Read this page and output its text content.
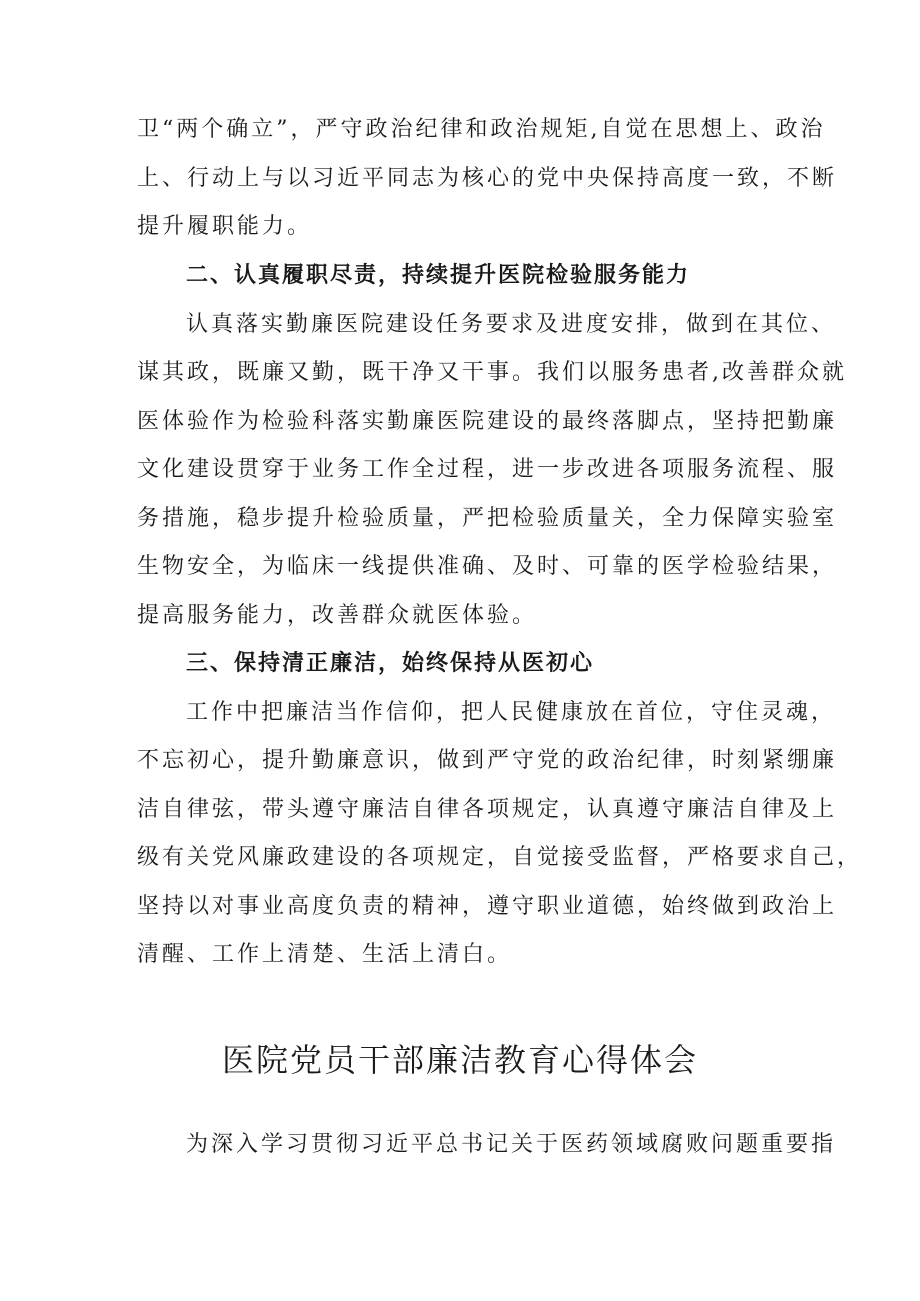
卫“两个确立”，严守政治纪律和政治规矩,自觉在思想上、政治
上、行动上与以习近平同志为核心的党中央保持高度一致，不断
提升履职能力。
二、认真履职尽责，持续提升医院检验服务能力
认真落实勤廉医院建设任务要求及进度安排，做到在其位、
谋其政，既廉又勤，既干净又干事。我们以服务患者,改善群众就
医体验作为检验科落实勤廉医院建设的最终落脚点，坚持把勤廉
文化建设贯穿于业务工作全过程，进一步改进各项服务流程、服
务措施，稳步提升检验质量，严把检验质量关，全力保障实验室
生物安全，为临床一线提供准确、及时、可靠的医学检验结果，
提高服务能力，改善群众就医体验。
三、保持清正廉洁，始终保持从医初心
工作中把廉洁当作信仰，把人民健康放在首位，守住灵魂，
不忘初心，提升勤廉意识，做到严守党的政治纪律，时刻紧绷廉
洁自律弦，带头遵守廉洁自律各项规定，认真遵守廉洁自律及上
级有关党风廉政建设的各项规定，自觉接受监督，严格要求自己，
坚持以对事业高度负责的精神，遵守职业道德，始终做到政治上
清醒、工作上清楚、生活上清白。
医院党员干部廉洁教育心得体会
为深入学习贯彻习近平总书记关于医药领域腐败问题重要指
